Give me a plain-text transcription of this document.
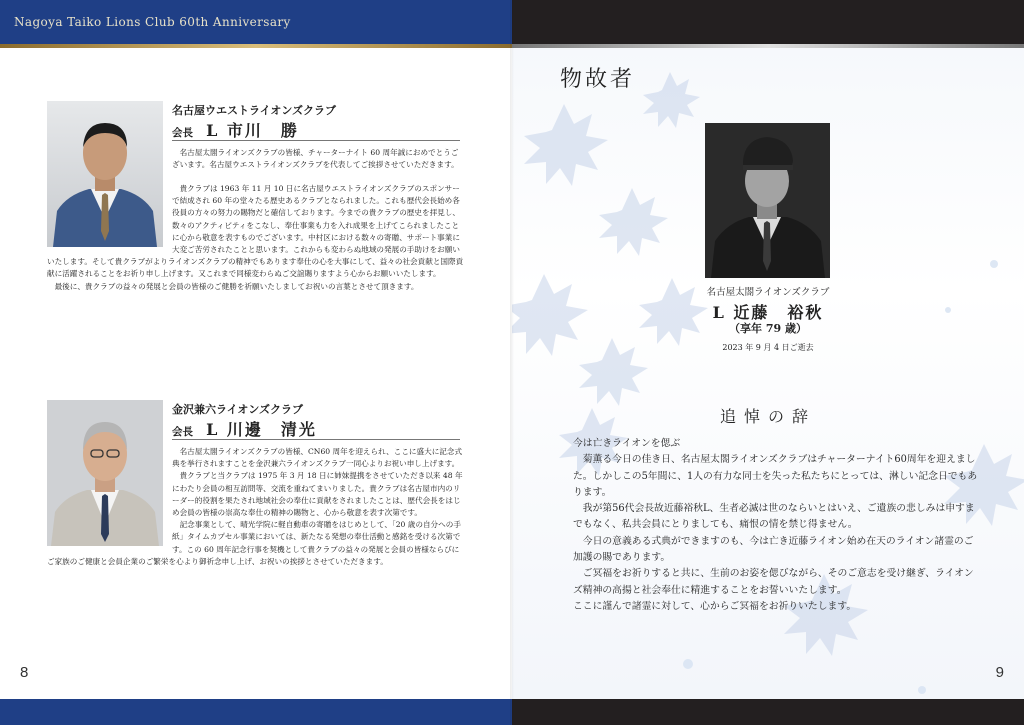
Nagoya Taiko Lions Club 60th Anniversary
名古屋ウエストライオンズクラブ
会長 L 市川　勝

名古屋太閤ライオンズクラブの皆様、チャーターナイト 60 周年誠におめでとうございます。名古屋ウエストライオンズクラブを代表してご挨拶させていただきます。

貴クラブは 1963 年 11 月 10 日に名古屋ウエストライオンズクラブのスポンサーで結成され 60 年の堂々たる歴史あるクラブとなられました。これも歴代会長始め各役員の方々の努力の賜物だと確信しております。今までの貴クラブの歴史を拝見し、数々のアクティビティをこなし、奉仕事業も力を入れ成果を上げてこられましたことに心から敬意を表すものでございます。中村区における数々の寄贈、サポート事業に大変ご苦労されたことと思います。これからも変わらぬ地域の発展の手助けをお願いいたします。そして貴クラブがよりライオンズクラブの精神でもあります奉仕の心を大事にして、益々の社会貢献と国際貢献に活躍されることをお祈り申し上げます。又これまで同様変わらぬご交誼賜りますよう心からお願いいたします。

最後に、貴クラブの益々の発展と会員の皆様のご健勝を祈願いたしましてお祝いの言葉とさせて頂きます。

金沢兼六ライオンズクラブ
会長 L 川邊　清光

名古屋太閤ライオンズクラブの皆様、CN60 周年を迎えられ、ここに盛大に記念式典を挙行されますことを金沢兼六ライオンズクラブ一同心よりお祝い申し上げます。

貴クラブと当クラブは 1975 年 3 月 18 日に姉妹提携をさせていただき以来 48 年にわたり会員の相互訪問等、交流を重ねてまいりました。貴クラブは名古屋市内のリーダー的役割を果たされ地域社会の奉仕に貢献をされましたことは、歴代会長をはじめ会員の皆様の崇高な奉仕の精神の賜物と、心から敬意を表す次第です。

記念事業として、晴光学院に軽自動車の寄贈をはじめとして、「20 歳の自分への手紙」タイムカプセル事業においては、新たなる発想の奉仕活動と感銘を受ける次第です。この 60 周年記念行事を契機として貴クラブの益々の発展と会員の皆様ならびにご家族のご健康と会員企業のご繁栄を心より御祈念申し上げ、お祝いの挨拶とさせていただきます。

8
物故者
名古屋太閤ライオンズクラブ
L 近藤　裕秋
（享年 79 歳）
2023 年 9 月 4 日ご逝去
追悼の辞

今は亡きライオンを偲ぶ

　菊薫る今日の佳き日、名古屋太閤ライオンズクラブはチャーターナイト60周年を迎えました。しかしこの5年間に、1人の有力な同士を失った私たちにとっては、淋しい記念日でもあります。

　我が第56代会長故近藤裕秋L、生者必滅は世のならいとはいえ、ご遺族の悲しみは申すまでもなく、私共会員にとりましても、痛恨の情を禁じ得ません。

　今日の意義ある式典ができますのも、今は亡き近藤ライオン始め在天のライオン諸霊のご加護の賜であります。

　ご冥福をお祈りすると共に、生前のお姿を偲びながら、そのご意志を受け継ぎ、ライオンズ精神の高揚と社会奉仕に精進することをお誓いいたします。

ここに謹んで諸霊に対して、心からご冥福をお祈りいたします。

9
